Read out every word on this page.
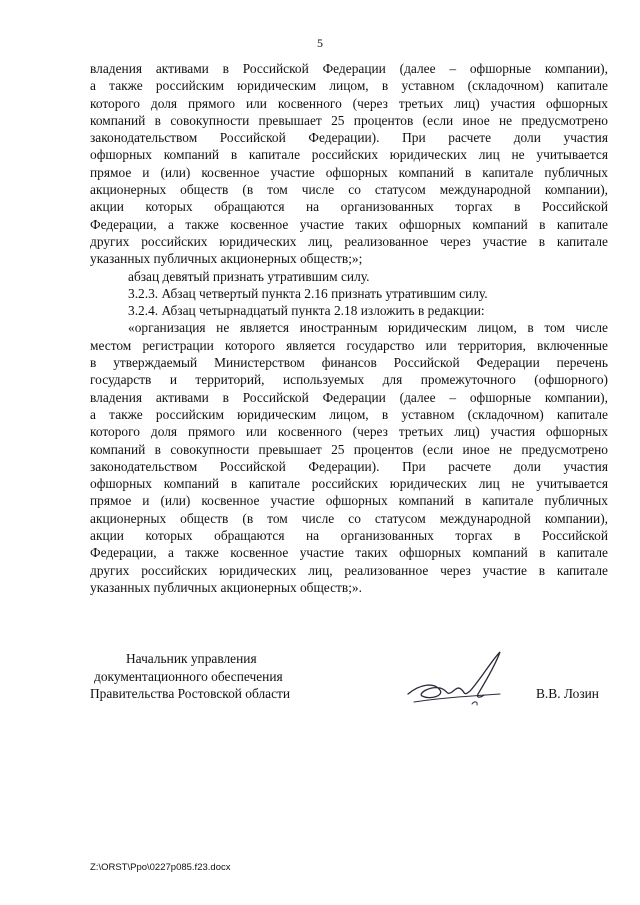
5
владения активами в Российской Федерации (далее – офшорные компании),
а также российским юридическим лицом, в уставном (складочном) капитале
которого доля прямого или косвенного (через третьих лиц) участия офшорных
компаний в совокупности превышает 25 процентов (если иное не предусмотрено
законодательством Российской Федерации). При расчете доли участия
офшорных компаний в капитале российских юридических лиц не учитывается
прямое и (или) косвенное участие офшорных компаний в капитале публичных
акционерных обществ (в том числе со статусом международной компании),
акции которых обращаются на организованных торгах в Российской
Федерации, а также косвенное участие таких офшорных компаний в капитале
других российских юридических лиц, реализованное через участие в капитале
указанных публичных акционерных обществ;»;
абзац девятый признать утратившим силу.
3.2.3. Абзац четвертый пункта 2.16 признать утратившим силу.
3.2.4. Абзац четырнадцатый пункта 2.18 изложить в редакции:
«организация не является иностранным юридическим лицом, в том числе
местом регистрации которого является государство или территория, включенные
в утверждаемый Министерством финансов Российской Федерации перечень
государств и территорий, используемых для промежуточного (офшорного)
владения активами в Российской Федерации (далее – офшорные компании),
а также российским юридическим лицом, в уставном (складочном) капитале
которого доля прямого или косвенного (через третьих лиц) участия офшорных
компаний в совокупности превышает 25 процентов (если иное не предусмотрено
законодательством Российской Федерации). При расчете доли участия
офшорных компаний в капитале российских юридических лиц не учитывается
прямое и (или) косвенное участие офшорных компаний в капитале публичных
акционерных обществ (в том числе со статусом международной компании),
акции которых обращаются на организованных торгах в Российской
Федерации, а также косвенное участие таких офшорных компаний в капитале
других российских юридических лиц, реализованное через участие в капитале
указанных публичных акционерных обществ;».
Начальник управления
документационного обеспечения
Правительства Ростовской области	В.В. Лозин
Z:\ORST\Ppo\0227p085.f23.docx
